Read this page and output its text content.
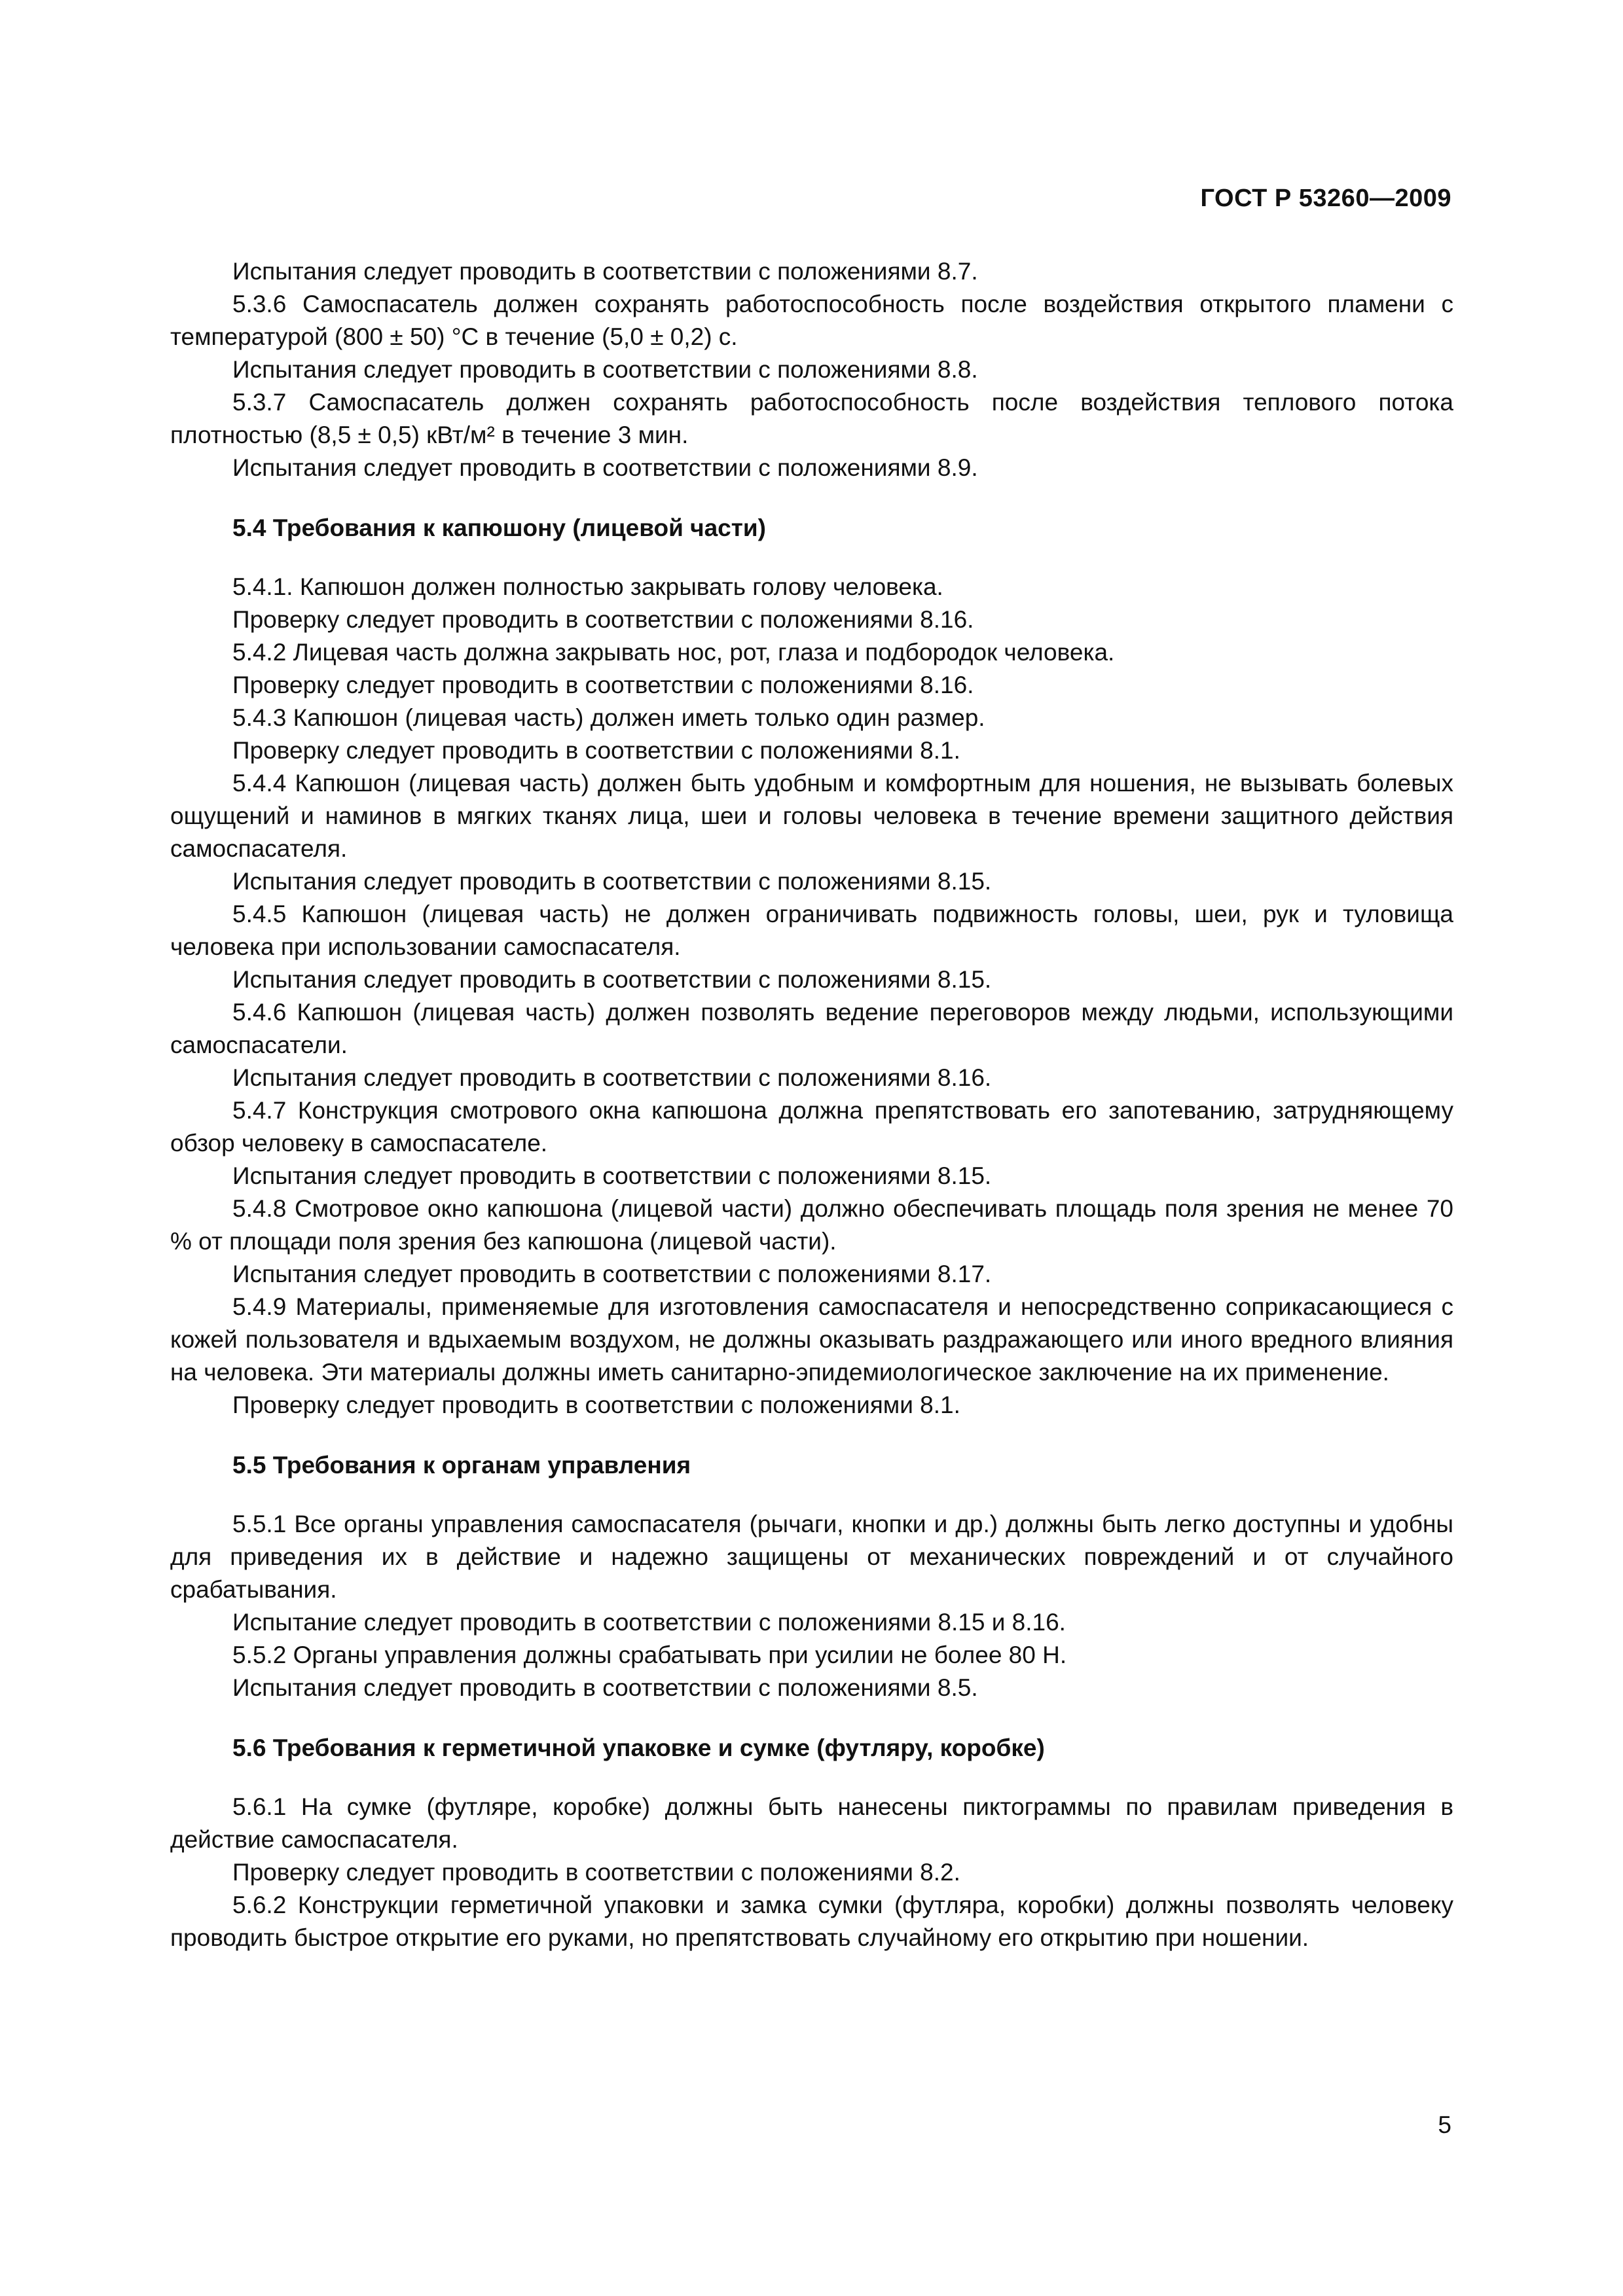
ГОСТ Р 53260—2009

Испытания следует проводить в соответствии с положениями 8.7.

5.3.6 Самоспасатель должен сохранять работоспособность после воздействия открытого пламени с температурой (800 ± 50) °С в течение (5,0 ± 0,2) с.

Испытания следует проводить в соответствии с положениями 8.8.

5.3.7 Самоспасатель должен сохранять работоспособность после воздействия теплового потока плотностью (8,5 ± 0,5) кВт/м² в течение 3 мин.

Испытания следует проводить в соответствии с положениями 8.9.

5.4 Требования к капюшону (лицевой части)

5.4.1. Капюшон должен полностью закрывать голову человека.

Проверку следует проводить в соответствии с положениями 8.16.

5.4.2 Лицевая часть должна закрывать нос, рот, глаза и подбородок человека.

Проверку следует проводить в соответствии с положениями 8.16.

5.4.3 Капюшон (лицевая часть) должен иметь только один размер.

Проверку следует проводить в соответствии с положениями 8.1.

5.4.4 Капюшон (лицевая часть) должен быть удобным и комфортным для ношения, не вызывать болевых ощущений и наминов в мягких тканях лица, шеи и головы человека в течение времени защитного действия самоспасателя.

Испытания следует проводить в соответствии с положениями 8.15.

5.4.5 Капюшон (лицевая часть) не должен ограничивать подвижность головы, шеи, рук и туловища человека при использовании самоспасателя.

Испытания следует проводить в соответствии с положениями 8.15.

5.4.6 Капюшон (лицевая часть) должен позволять ведение переговоров между людьми, использующими самоспасатели.

Испытания следует проводить в соответствии с положениями 8.16.

5.4.7 Конструкция смотрового окна капюшона должна препятствовать его запотеванию, затрудняющему обзор человеку в самоспасателе.

Испытания следует проводить в соответствии с положениями 8.15.

5.4.8 Смотровое окно капюшона (лицевой части) должно обеспечивать площадь поля зрения не менее 70 % от площади поля зрения без капюшона (лицевой части).

Испытания следует проводить в соответствии с положениями 8.17.

5.4.9 Материалы, применяемые для изготовления самоспасателя и непосредственно соприкасающиеся с кожей пользователя и вдыхаемым воздухом, не должны оказывать раздражающего или иного вредного влияния на человека. Эти материалы должны иметь санитарно-эпидемиологическое заключение на их применение.

Проверку следует проводить в соответствии с положениями 8.1.

5.5 Требования к органам управления

5.5.1 Все органы управления самоспасателя (рычаги, кнопки и др.) должны быть легко доступны и удобны для приведения их в действие и надежно защищены от механических повреждений и от случайного срабатывания.

Испытание следует проводить в соответствии с положениями 8.15 и 8.16.

5.5.2 Органы управления должны срабатывать при усилии не более 80 Н.

Испытания следует проводить в соответствии с положениями 8.5.

5.6 Требования к герметичной упаковке и сумке (футляру, коробке)

5.6.1 На сумке (футляре, коробке) должны быть нанесены пиктограммы по правилам приведения в действие самоспасателя.

Проверку следует проводить в соответствии с положениями 8.2.

5.6.2 Конструкции герметичной упаковки и замка сумки (футляра, коробки) должны позволять человеку проводить быстрое открытие его руками, но препятствовать случайному его открытию при ношении.

5
